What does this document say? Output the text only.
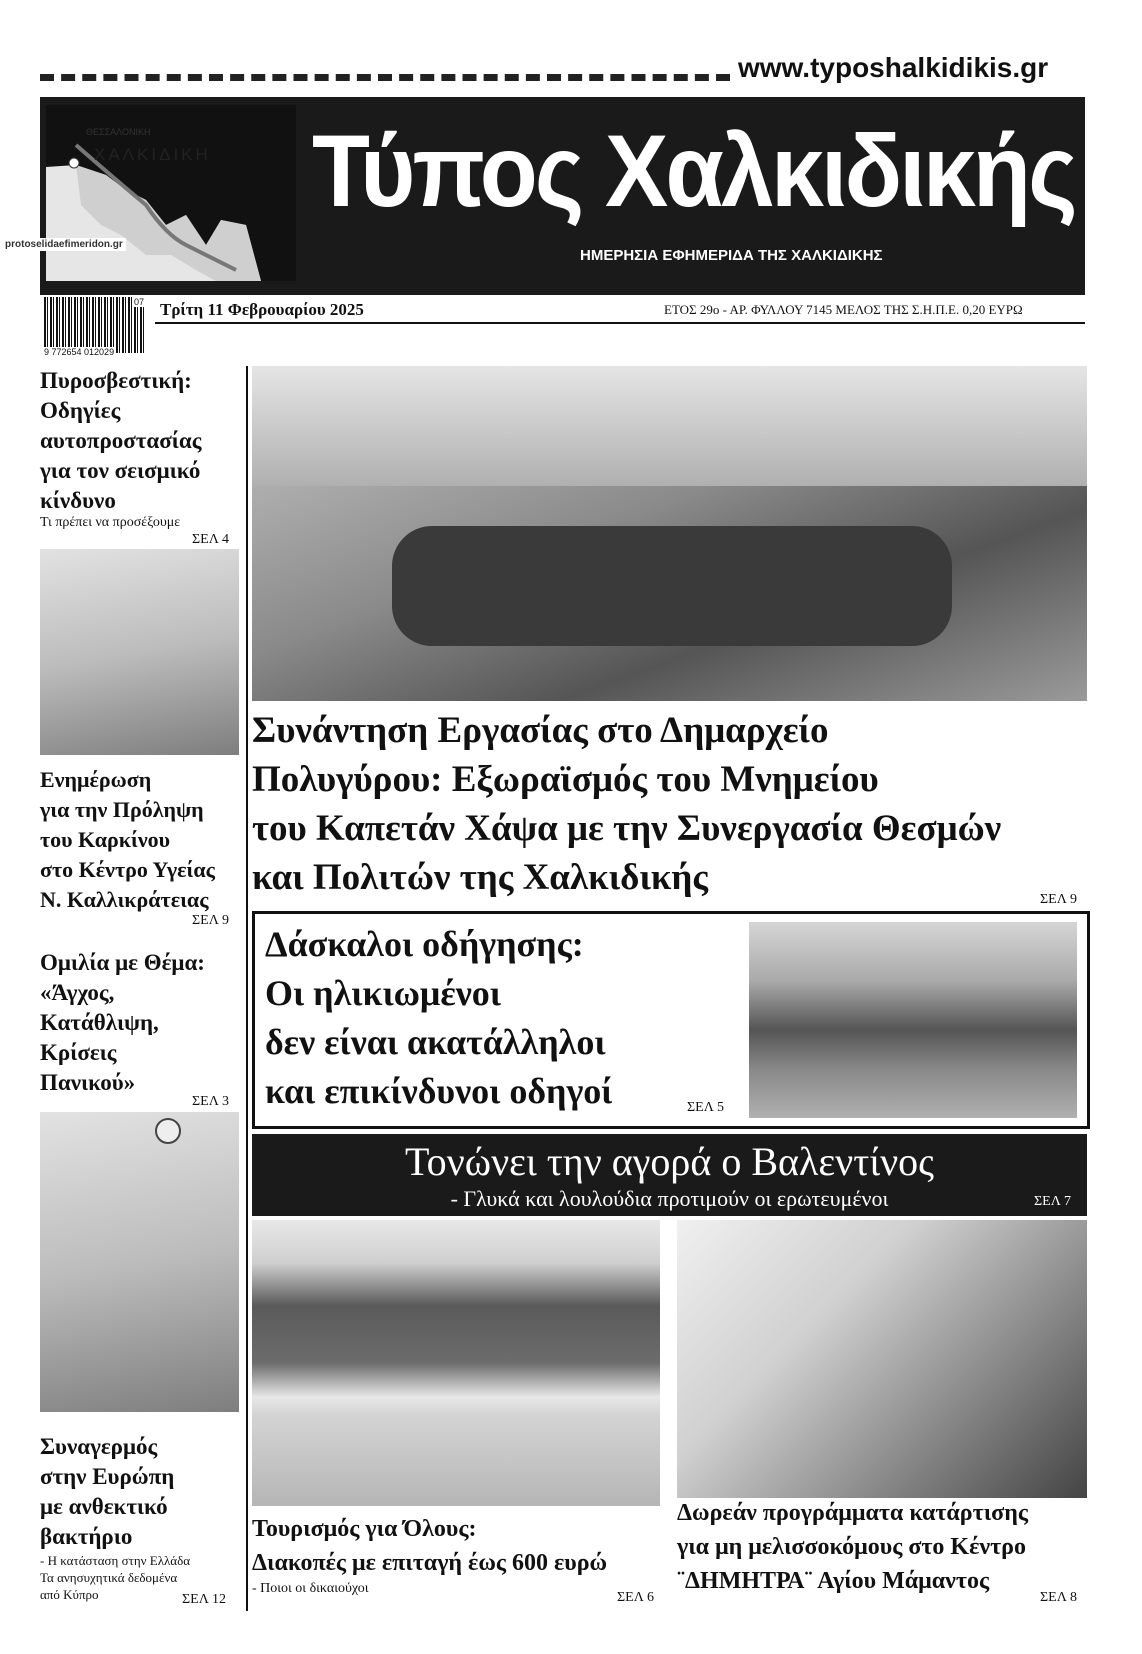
www.typoshalkidikis.gr
ΘΕΣΣΑΛΟΝΙΚΗ
ΧΑΛΚΙΔΙΚΗ Τύπος Χαλκιδικής
ΗΜΕΡΗΣΙΑ ΕΦΗΜΕΡΙΔΑ ΤΗΣ ΧΑΛΚΙΔΙΚΗΣ
protoselidaefimeridon.gr
07
9 772654 012029
Τρίτη 11 Φεβρουαρίου 2025	ΕΤΟΣ 29ο - ΑΡ. ΦΥΛΛΟΥ 7145 ΜΕΛΟΣ ΤΗΣ Σ.Η.Π.Ε. 0,20 ΕΥΡΩ
Πυροσβεστική:
Οδηγίες
αυτοπροστασίας
για τον σεισμικό
κίνδυνο
Τι πρέπει να προσέξουμε
ΣΕΛ 4
Ενημέρωση
για την Πρόληψη
του Καρκίνου
στο Κέντρο Υγείας
Ν. Καλλικράτειας
ΣΕΛ 9
Ομιλία με Θέμα:
«Άγχος,
Κατάθλιψη,
Κρίσεις
Πανικού»
ΣΕΛ 3
Συναγερμός
στην Ευρώπη
με ανθεκτικό
βακτήριο
- Η κατάσταση στην Ελλάδα
Τα ανησυχητικά δεδομένα
από Κύπρο	ΣΕΛ 12
Συνάντηση Εργασίας στο Δημαρχείο
Πολυγύρου: Εξωραϊσμός του Μνημείου
του Καπετάν Χάψα με την Συνεργασία Θεσμών
και Πολιτών της Χαλκιδικής
ΣΕΛ 9
Δάσκαλοι οδήγησης:
Οι ηλικιωμένοι
δεν είναι ακατάλληλοι
και επικίνδυνοι οδηγοί	ΣΕΛ 5
Τονώνει την αγορά ο Βαλεντίνος
- Γλυκά και λουλούδια προτιμούν οι ερωτευμένοι	ΣΕΛ 7
Τουρισμός για Όλους:
Διακοπές με επιταγή έως 600 ευρώ
- Ποιοι οι δικαιούχοι
ΣΕΛ 6
Δωρεάν προγράμματα κατάρτισης
για μη μελισσοκόμους στο Κέντρο
¨ΔΗΜΗΤΡΑ¨ Αγίου Μάμαντος
ΣΕΛ 8
